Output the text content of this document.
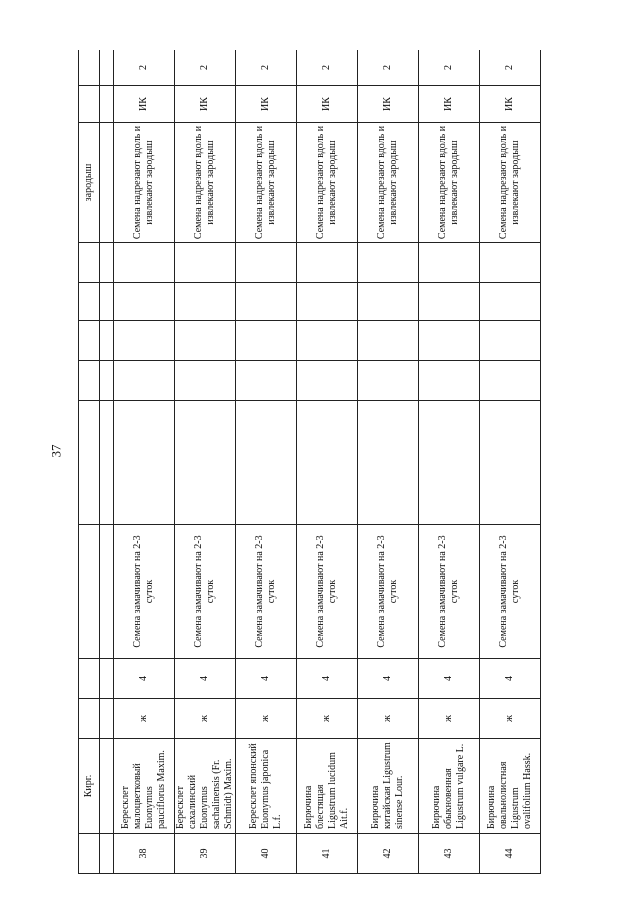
37
	Кирг.									зародыш		

38	Бересклет малоцветковый Euonymus pauciflorus Maxim.	ж	4	Семена замачивают на 2-3 суток						Семена надрезают вдоль и извлекают зародыш	ИК	2
39	Бересклет сахалинский Euonymus sachalinensis (Fr. Schmidt) Maxim.	ж	4	Семена замачивают на 2-3 суток						Семена надрезают вдоль и извлекают зародыш	ИК	2
40	Бересклет японский Euonymus japonica L.f.	ж	4	Семена замачивают на 2-3 суток						Семена надрезают вдоль и извлекают зародыш	ИК	2
41	Бирючина блестящая Ligustrum lucidum Ait.f.	ж	4	Семена замачивают на 2-3 суток						Семена надрезают вдоль и извлекают зародыш	ИК	2
42	Бирючина китайская Ligustrum sinense Lour.	ж	4	Семена замачивают на 2-3 суток						Семена надрезают вдоль и извлекают зародыш	ИК	2
43	Бирючина обыкновенная Ligustrum vulgare L.	ж	4	Семена замачивают на 2-3 суток						Семена надрезают вдоль и извлекают зародыш	ИК	2
44	Бирючина овальнолистная Ligustrum ovalifolium Hassk.	ж	4	Семена замачивают на 2-3 суток						Семена надрезают вдоль и извлекают зародыш	ИК	2
